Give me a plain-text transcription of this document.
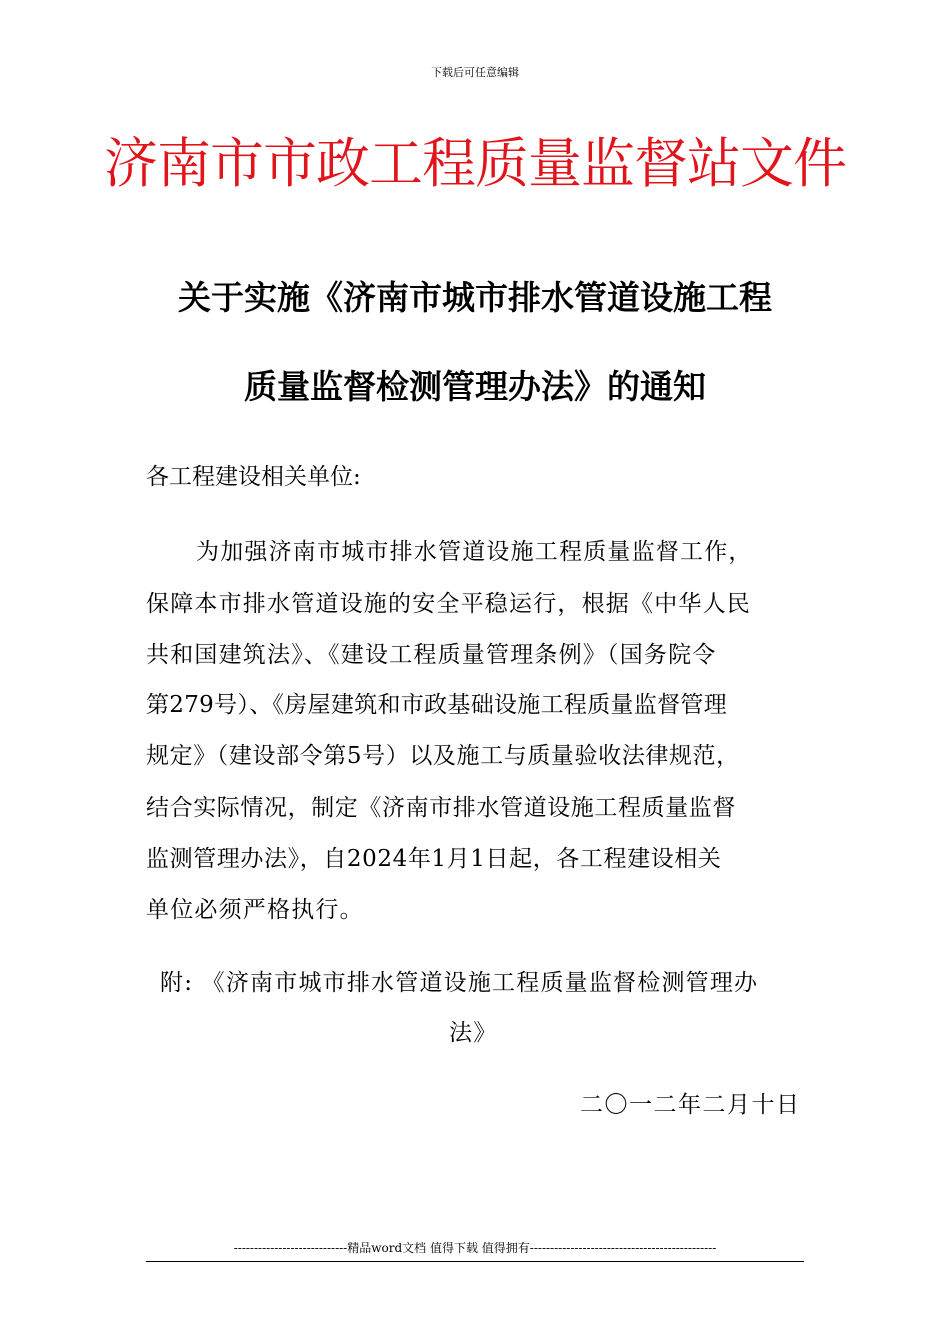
下载后可任意编辑
济南市市政工程质量监督站文件
关于实施《济南市城市排水管道设施工程
质量监督检测管理办法》的通知
各工程建设相关单位:
为加强济南市城市排水管道设施工程质量监督工作，
保障本市排水管道设施的安全平稳运行，根据《中华人民
共和国建筑法》、《建设工程质量管理条例》（国务院令
第279号）、《房屋建筑和市政基础设施工程质量监督管理
规定》（建设部令第5号）以及施工与质量验收法律规范，
结合实际情况，制定《济南市排水管道设施工程质量监督
监测管理办法》，自2024年1月1日起，各工程建设相关
单位必须严格执行。
附: 《济南市城市排水管道设施工程质量监督检测管理办
法》
二〇一二年二月十日
----------------------------精品word文档 值得下载 值得拥有----------------------------------------------
